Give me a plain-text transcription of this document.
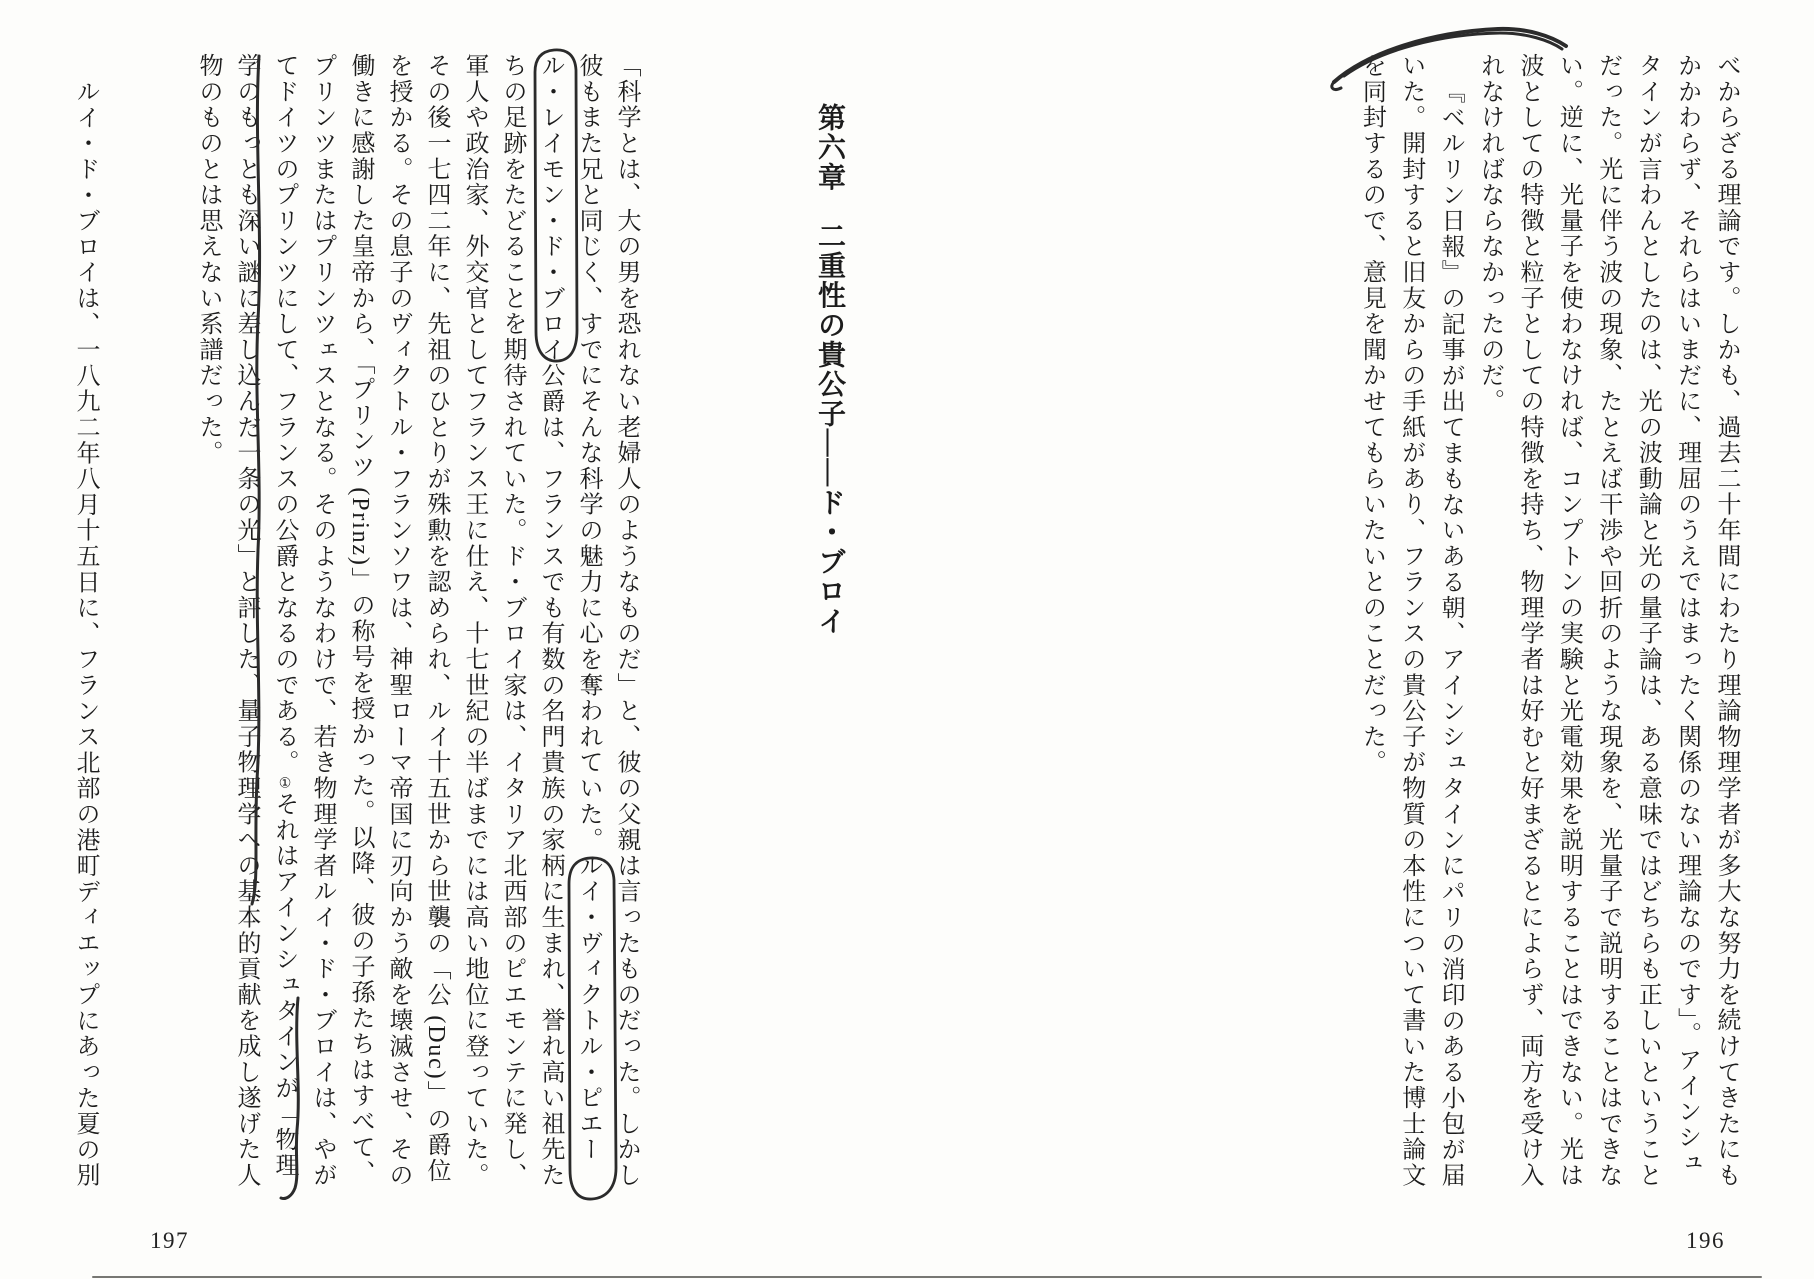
べからざる理論です。しかも、過去二十年間にわたり理論物理学者が多大な努力を続けてきたにもかかわらず、それらはいまだに、理屈のうえではまったく関係のない理論なのです」。アインシュタインが言わんとしたのは、光の波動論と光の量子論は、ある意味ではどちらも正しいということだった。光に伴う波の現象、たとえば干渉や回折のような現象を、光量子で説明することはできない。逆に、光量子を使わなければ、コンプトンの実験と光電効果を説明することはできない。光は波としての特徴と粒子としての特徴を持ち、物理学者は好むと好まざるとによらず、両方を受け入れなければならなかったのだ。

『ベルリン日報』の記事が出てまもないある朝、アインシュタインにパリの消印のある小包が届いた。開封すると旧友からの手紙があり、フランスの貴公子が物質の本性について書いた博士論文を同封するので、意見を聞かせてもらいたいとのことだった。

第六章　二重性の貴公子――ド・ブロイ

「科学とは、大の男を恐れない老婦人のようなものだ」と、彼の父親は言ったものだった。しかし彼もまた兄と同じく、すでにそんな科学の魅力に心を奪われていた。ルイ・ヴィクトル・ピエール・レイモン・ド・ブロイ公爵は、フランスでも有数の名門貴族の家柄に生まれ、誉れ高い祖先たちの足跡をたどることを期待されていた。ド・ブロイ家は、イタリア北西部のピエモンテに発し、軍人や政治家、外交官としてフランス王に仕え、十七世紀の半ばまでには高い地位に登っていた。その後一七四二年に、先祖のひとりが殊勲を認められ、ルイ十五世から世襲の「公 (Duc)」の爵位を授かる。その息子のヴィクトル・フランソワは、神聖ローマ帝国に刃向かう敵を壊滅させ、その働きに感謝した皇帝から、「プリンツ (Prinz)」の称号を授かった。以降、彼の子孫たちはすべて、プリンツまたはプリンツェスとなる。そのようなわけで、若き物理学者ルイ・ド・ブロイは、やがてドイツのプリンツにして、フランスの公爵となるのである。①それはアインシュタインが「物理学のもっとも深い謎に差し込んだ一条の光」と評した、量子物理学への基本的貢献を成し遂げた人物のものとは思えない系譜だった。

ルイ・ド・ブロイは、一八九二年八月十五日に、フランス北部の港町ディエップにあった夏の別

197	196
